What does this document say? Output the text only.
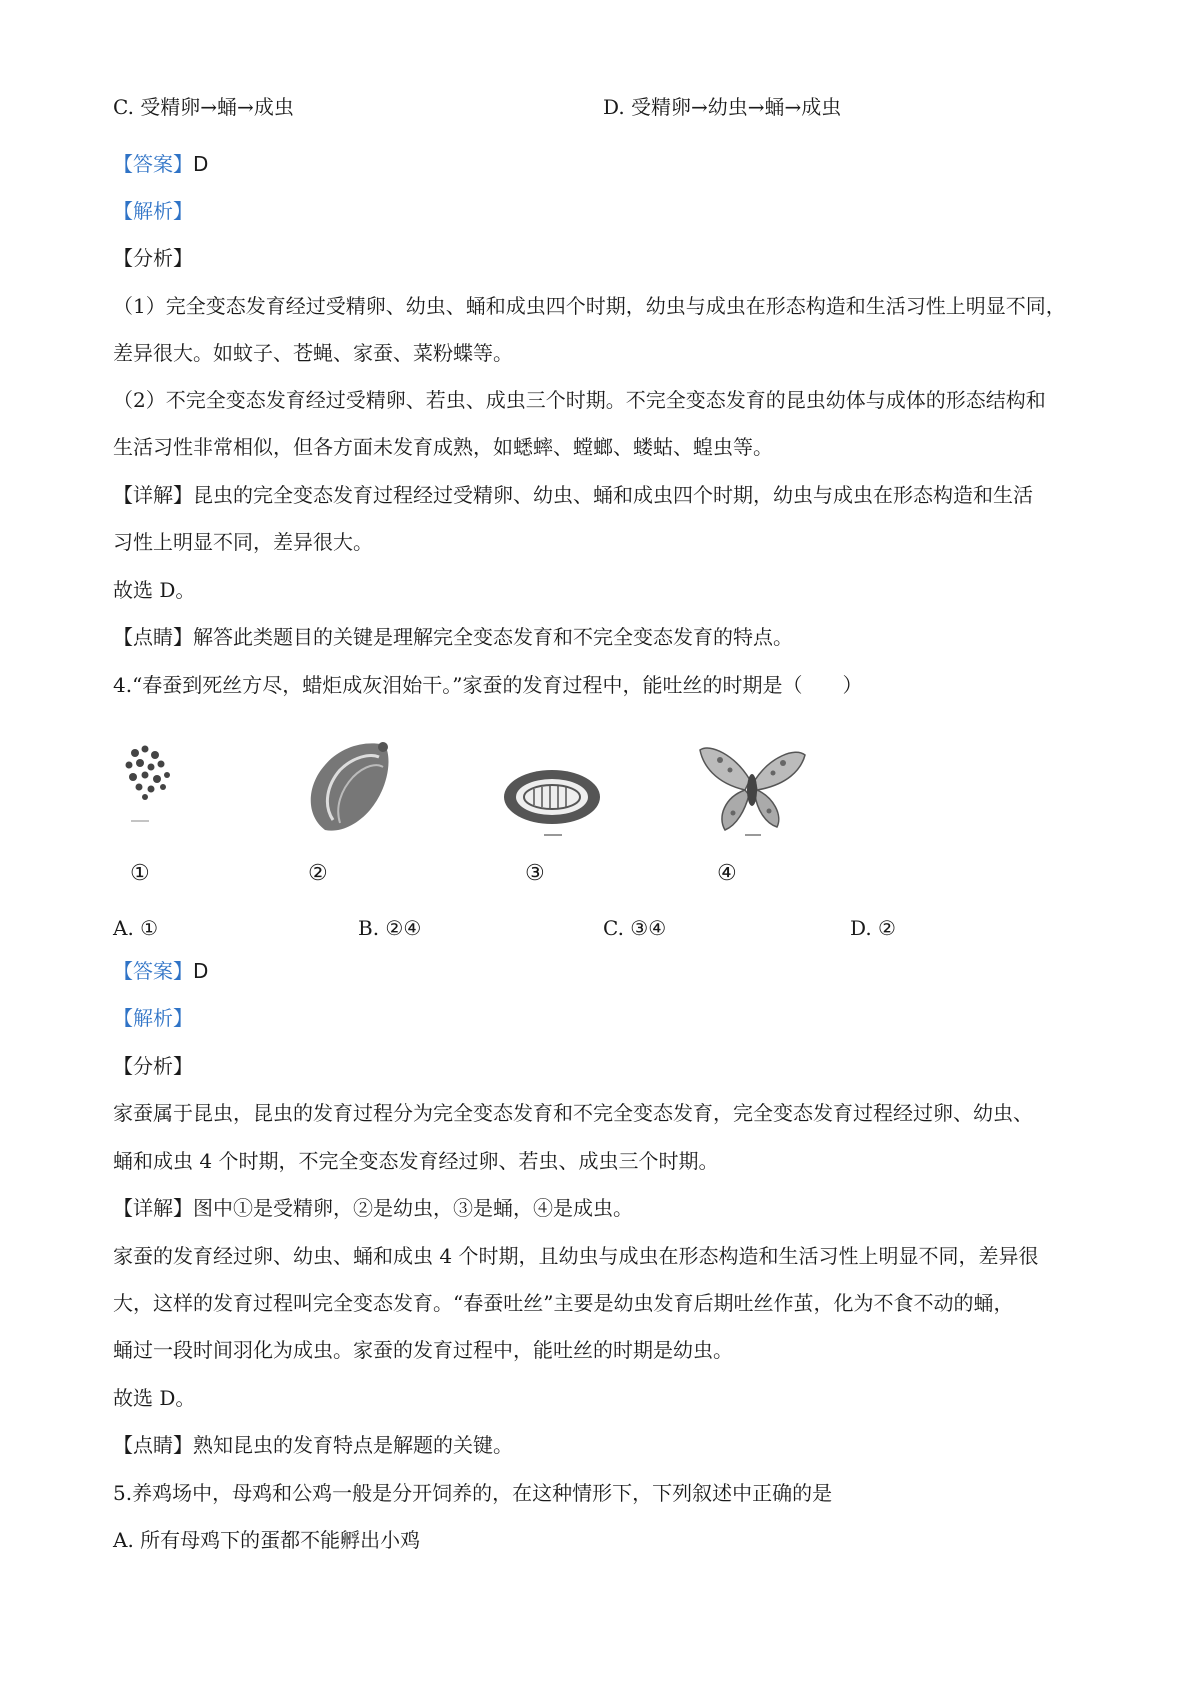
C. 受精卵→蛹→成虫	D. 受精卵→幼虫→蛹→成虫
【答案】D
【解析】
【分析】
（1）完全变态发育经过受精卵、幼虫、蛹和成虫四个时期，幼虫与成虫在形态构造和生活习性上明显不同，
差异很大。如蚊子、苍蝇、家蚕、菜粉蝶等。
（2）不完全变态发育经过受精卵、若虫、成虫三个时期。不完全变态发育的昆虫幼体与成体的形态结构和
生活习性非常相似，但各方面未发育成熟，如蟋蟀、螳螂、蝼蛄、蝗虫等。
【详解】昆虫的完全变态发育过程经过受精卵、幼虫、蛹和成虫四个时期，幼虫与成虫在形态构造和生活
习性上明显不同，差异很大。
故选 D。
【点睛】解答此类题目的关键是理解完全变态发育和不完全变态发育的特点。
4.“春蚕到死丝方尽，蜡炬成灰泪始干。”家蚕的发育过程中，能吐丝的时期是（　　）
①	②	③	④
A. ①	B. ②④	C. ③④	D. ②
【答案】D
【解析】
【分析】
家蚕属于昆虫，昆虫的发育过程分为完全变态发育和不完全变态发育，完全变态发育过程经过卵、幼虫、
蛹和成虫 4 个时期，不完全变态发育经过卵、若虫、成虫三个时期。
【详解】图中①是受精卵，②是幼虫，③是蛹，④是成虫。
家蚕的发育经过卵、幼虫、蛹和成虫 4 个时期，且幼虫与成虫在形态构造和生活习性上明显不同，差异很
大，这样的发育过程叫完全变态发育。“春蚕吐丝”主要是幼虫发育后期吐丝作茧，化为不食不动的蛹，
蛹过一段时间羽化为成虫。家蚕的发育过程中，能吐丝的时期是幼虫。
故选 D。
【点睛】熟知昆虫的发育特点是解题的关键。
5.养鸡场中，母鸡和公鸡一般是分开饲养的，在这种情形下，下列叙述中正确的是
A. 所有母鸡下的蛋都不能孵出小鸡
